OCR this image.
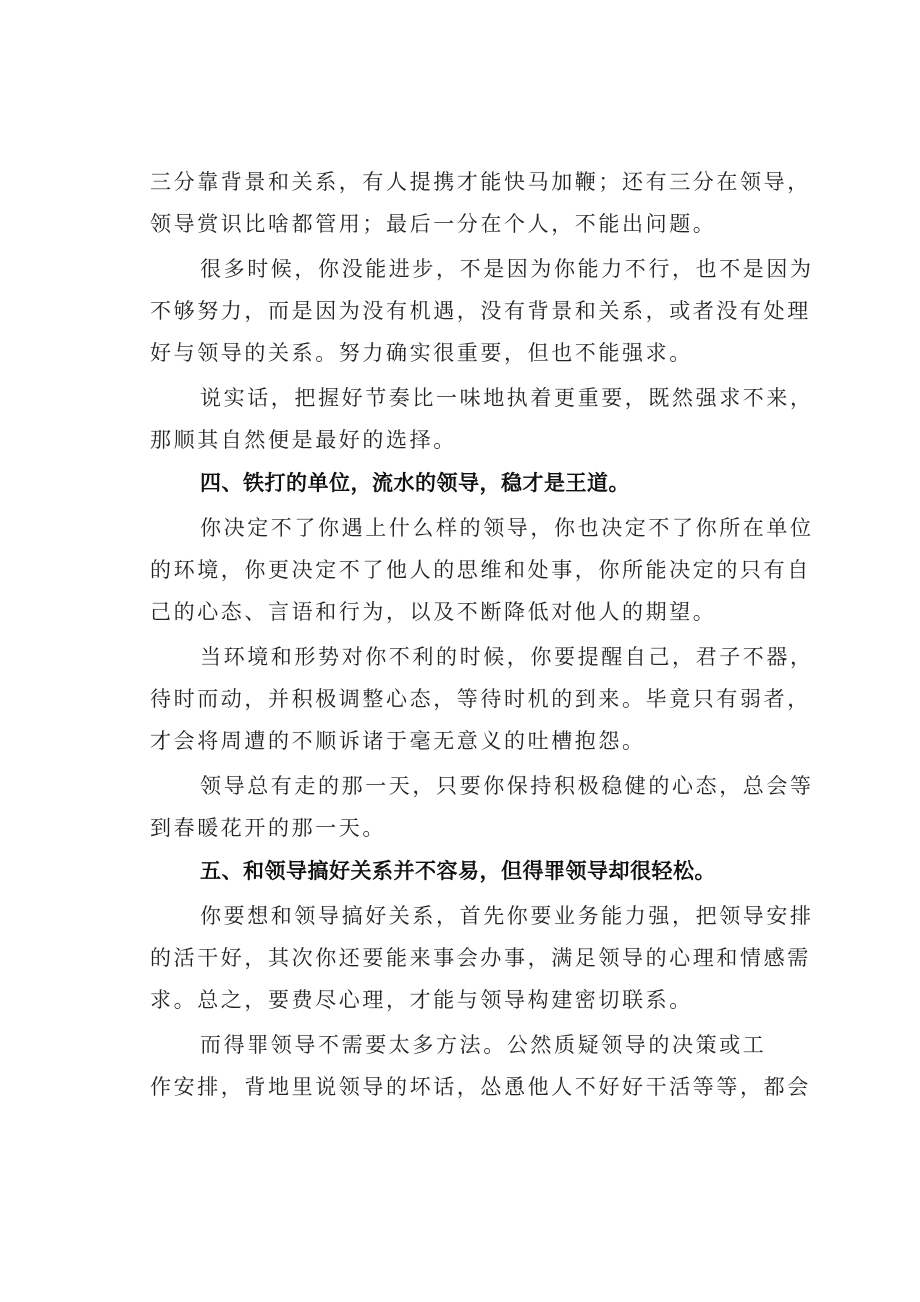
三分靠背景和关系，有人提携才能快马加鞭；还有三分在领导，
领导赏识比啥都管用；最后一分在个人，不能出问题。
很多时候，你没能进步，不是因为你能力不行，也不是因为
不够努力，而是因为没有机遇，没有背景和关系，或者没有处理
好与领导的关系。努力确实很重要，但也不能强求。
说实话，把握好节奏比一味地执着更重要，既然强求不来，
那顺其自然便是最好的选择。
四、铁打的单位，流水的领导，稳才是王道。
你决定不了你遇上什么样的领导，你也决定不了你所在单位
的环境，你更决定不了他人的思维和处事，你所能决定的只有自
己的心态、言语和行为，以及不断降低对他人的期望。
当环境和形势对你不利的时候，你要提醒自己，君子不器，
待时而动，并积极调整心态，等待时机的到来。毕竟只有弱者，
才会将周遭的不顺诉诸于毫无意义的吐槽抱怨。
领导总有走的那一天，只要你保持积极稳健的心态，总会等
到春暖花开的那一天。
五、和领导搞好关系并不容易，但得罪领导却很轻松。
你要想和领导搞好关系，首先你要业务能力强，把领导安排
的活干好，其次你还要能来事会办事，满足领导的心理和情感需
求。总之，要费尽心理，才能与领导构建密切联系。
而得罪领导不需要太多方法。公然质疑领导的决策或工
作安排，背地里说领导的坏话，怂恿他人不好好干活等等，都会
